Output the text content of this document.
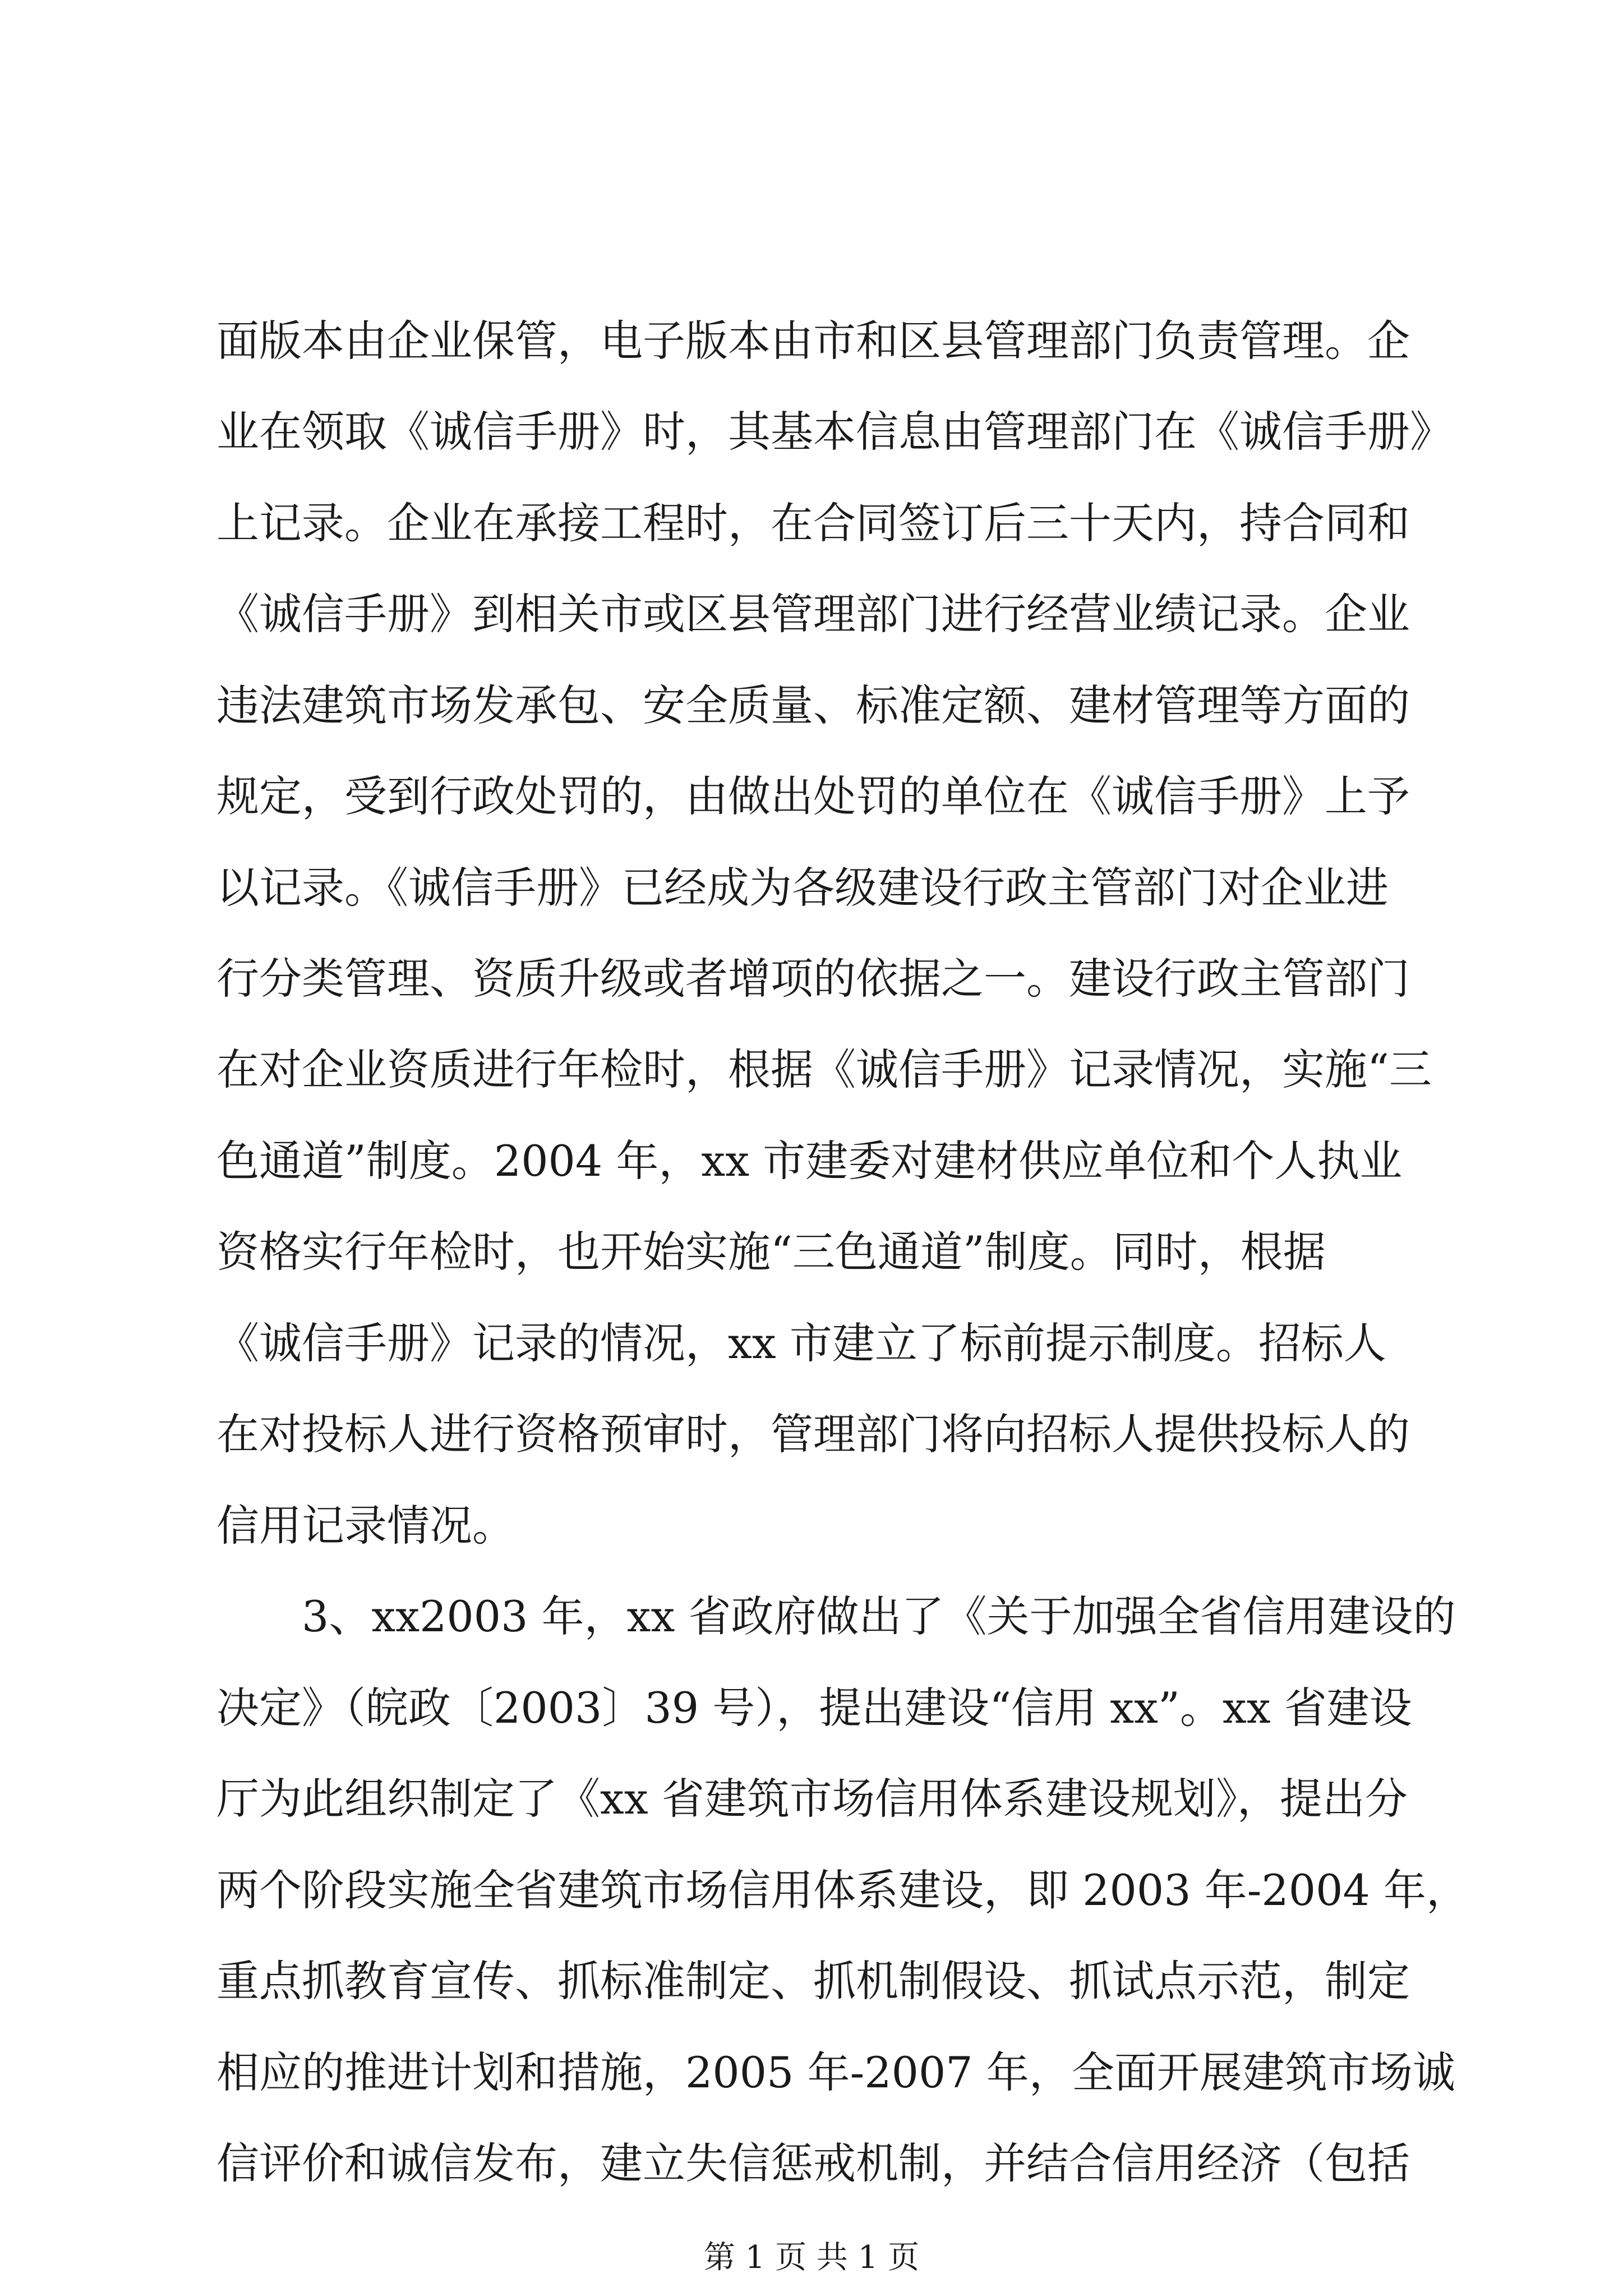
面版本由企业保管，电子版本由市和区县管理部门负责管理。企
业在领取《诚信手册》时，其基本信息由管理部门在《诚信手册》
上记录。企业在承接工程时，在合同签订后三十天内，持合同和
《诚信手册》到相关市或区县管理部门进行经营业绩记录。企业
违法建筑市场发承包、安全质量、标准定额、建材管理等方面的
规定，受到行政处罚的，由做出处罚的单位在《诚信手册》上予
以记录。《诚信手册》已经成为各级建设行政主管部门对企业进
行分类管理、资质升级或者增项的依据之一。建设行政主管部门
在对企业资质进行年检时，根据《诚信手册》记录情况，实施“三
色通道”制度。2004 年，xx 市建委对建材供应单位和个人执业
资格实行年检时，也开始实施“三色通道”制度。同时，根据
《诚信手册》记录的情况，xx 市建立了标前提示制度。招标人
在对投标人进行资格预审时，管理部门将向招标人提供投标人的
信用记录情况。
3、xx2003 年，xx 省政府做出了《关于加强全省信用建设的
决定》（皖政〔2003〕39 号），提出建设“信用 xx”。xx 省建设
厅为此组织制定了《xx 省建筑市场信用体系建设规划》，提出分
两个阶段实施全省建筑市场信用体系建设，即 2003 年-2004 年，
重点抓教育宣传、抓标准制定、抓机制假设、抓试点示范，制定
相应的推进计划和措施，2005 年-2007 年，全面开展建筑市场诚
信评价和诚信发布，建立失信惩戒机制，并结合信用经济（包括
第 1 页 共 1 页
